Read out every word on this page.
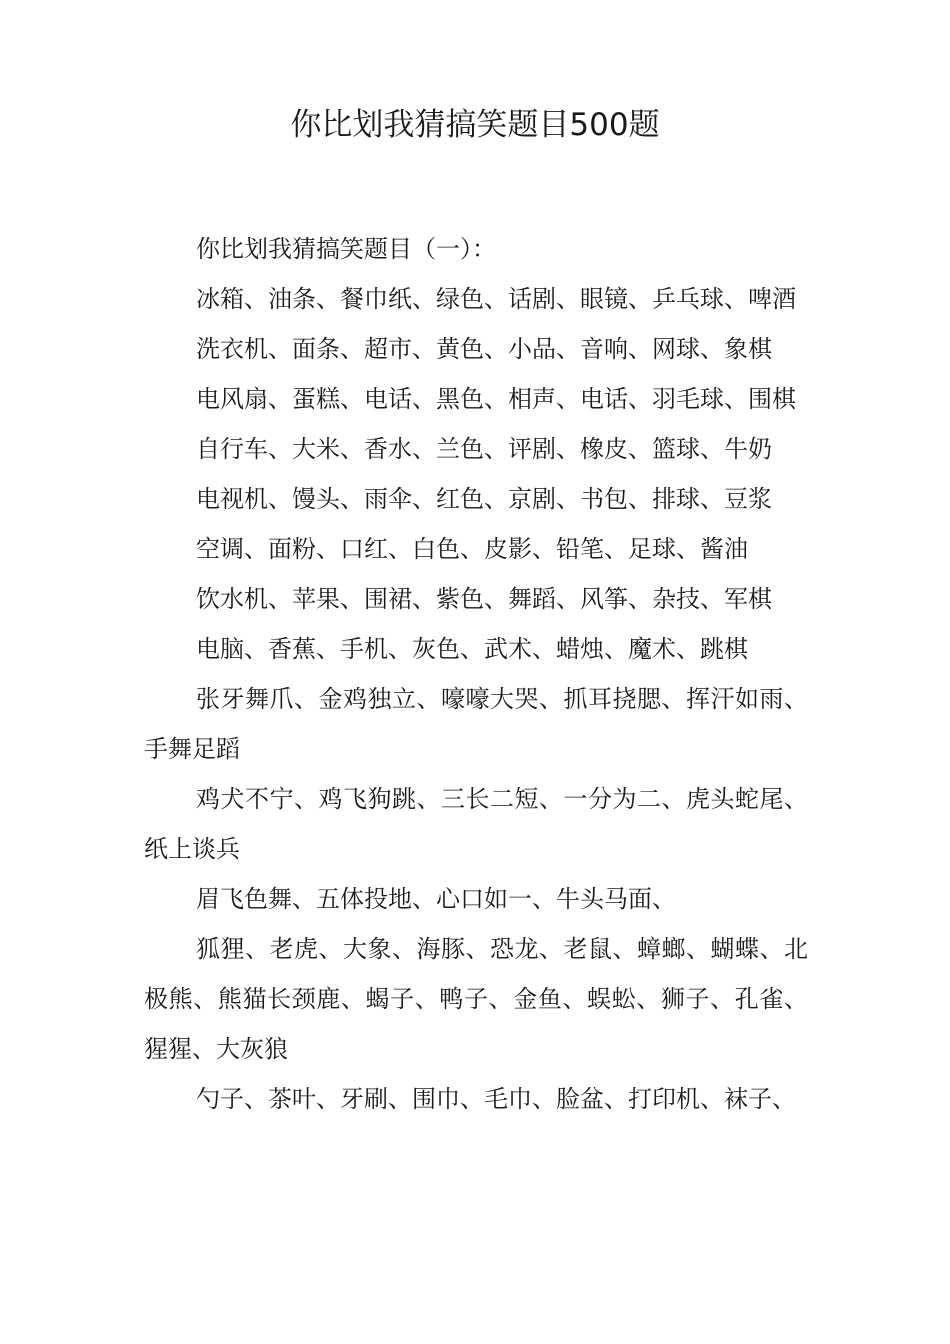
你比划我猜搞笑题目500题

你比划我猜搞笑题目（一）：

冰箱、油条、餐巾纸、绿色、话剧、眼镜、乒乓球、啤酒

洗衣机、面条、超市、黄色、小品、音响、网球、象棋

电风扇、蛋糕、电话、黑色、相声、电话、羽毛球、围棋

自行车、大米、香水、兰色、评剧、橡皮、篮球、牛奶

电视机、馒头、雨伞、红色、京剧、书包、排球、豆浆

空调、面粉、口红、白色、皮影、铅笔、足球、酱油

饮水机、苹果、围裙、紫色、舞蹈、风筝、杂技、军棋

电脑、香蕉、手机、灰色、武术、蜡烛、魔术、跳棋

张牙舞爪、金鸡独立、嚎嚎大哭、抓耳挠腮、挥汗如雨、手舞足蹈

鸡犬不宁、鸡飞狗跳、三长二短、一分为二、虎头蛇尾、纸上谈兵

眉飞色舞、五体投地、心口如一、牛头马面、

狐狸、老虎、大象、海豚、恐龙、老鼠、蟑螂、蝴蝶、北极熊、熊猫长颈鹿、蝎子、鸭子、金鱼、蜈蚣、狮子、孔雀、猩猩、大灰狼

勺子、茶叶、牙刷、围巾、毛巾、脸盆、打印机、袜子、
